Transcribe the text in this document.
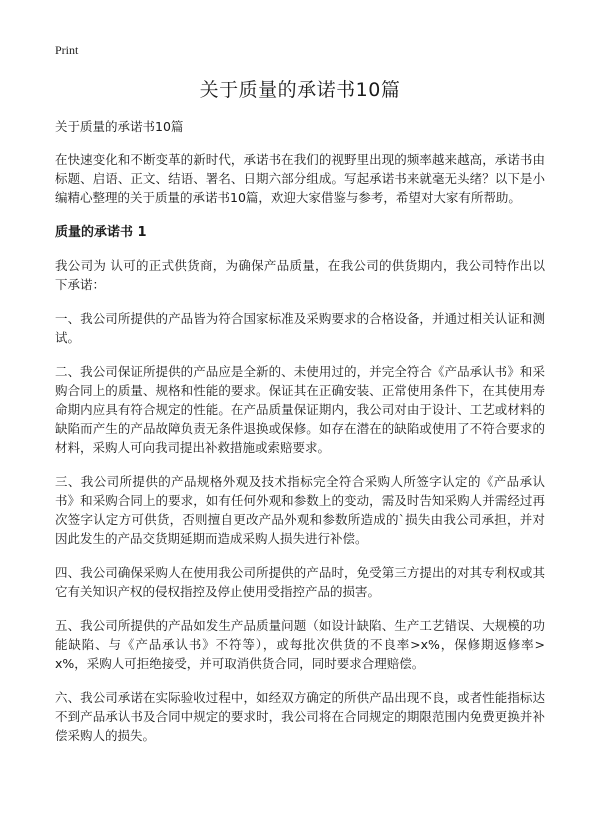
Print
关于质量的承诺书10篇

关于质量的承诺书10篇

在快速变化和不断变革的新时代，承诺书在我们的视野里出现的频率越来越高，承诺书由标题、启语、正文、结语、署名、日期六部分组成。写起承诺书来就毫无头绪？以下是小编精心整理的关于质量的承诺书10篇，欢迎大家借鉴与参考，希望对大家有所帮助。

质量的承诺书 1

我公司为 认可的正式供货商，为确保产品质量，在我公司的供货期内，我公司特作出以下承诺：

一、我公司所提供的产品皆为符合国家标准及采购要求的合格设备，并通过相关认证和测试。

二、我公司保证所提供的产品应是全新的、未使用过的，并完全符合《产品承认书》和采购合同上的质量、规格和性能的要求。保证其在正确安装、正常使用条件下，在其使用寿命期内应具有符合规定的性能。在产品质量保证期内，我公司对由于设计、工艺或材料的缺陷而产生的产品故障负责无条件退换或保修。如存在潜在的缺陷或使用了不符合要求的材料，采购人可向我司提出补救措施或索赔要求。

三、我公司所提供的产品规格外观及技术指标完全符合采购人所签字认定的《产品承认书》和采购合同上的要求，如有任何外观和参数上的变动，需及时告知采购人并需经过再次签字认定方可供货，否则擅自更改产品外观和参数所造成的`损失由我公司承担，并对因此发生的产品交货期延期而造成采购人损失进行补偿。

四、我公司确保采购人在使用我公司所提供的产品时，免受第三方提出的对其专利权或其它有关知识产权的侵权指控及停止使用受指控产品的损害。

五、我公司所提供的产品如发生产品质量问题（如设计缺陷、生产工艺错误、大规模的功能缺陷、与《产品承认书》不符等），或每批次供货的不良率>x%，保修期返修率>x%，采购人可拒绝接受，并可取消供货合同，同时要求合理赔偿。

六、我公司承诺在实际验收过程中，如经双方确定的所供产品出现不良，或者性能指标达不到产品承认书及合同中规定的要求时，我公司将在合同规定的期限范围内免费更换并补偿采购人的损失。
